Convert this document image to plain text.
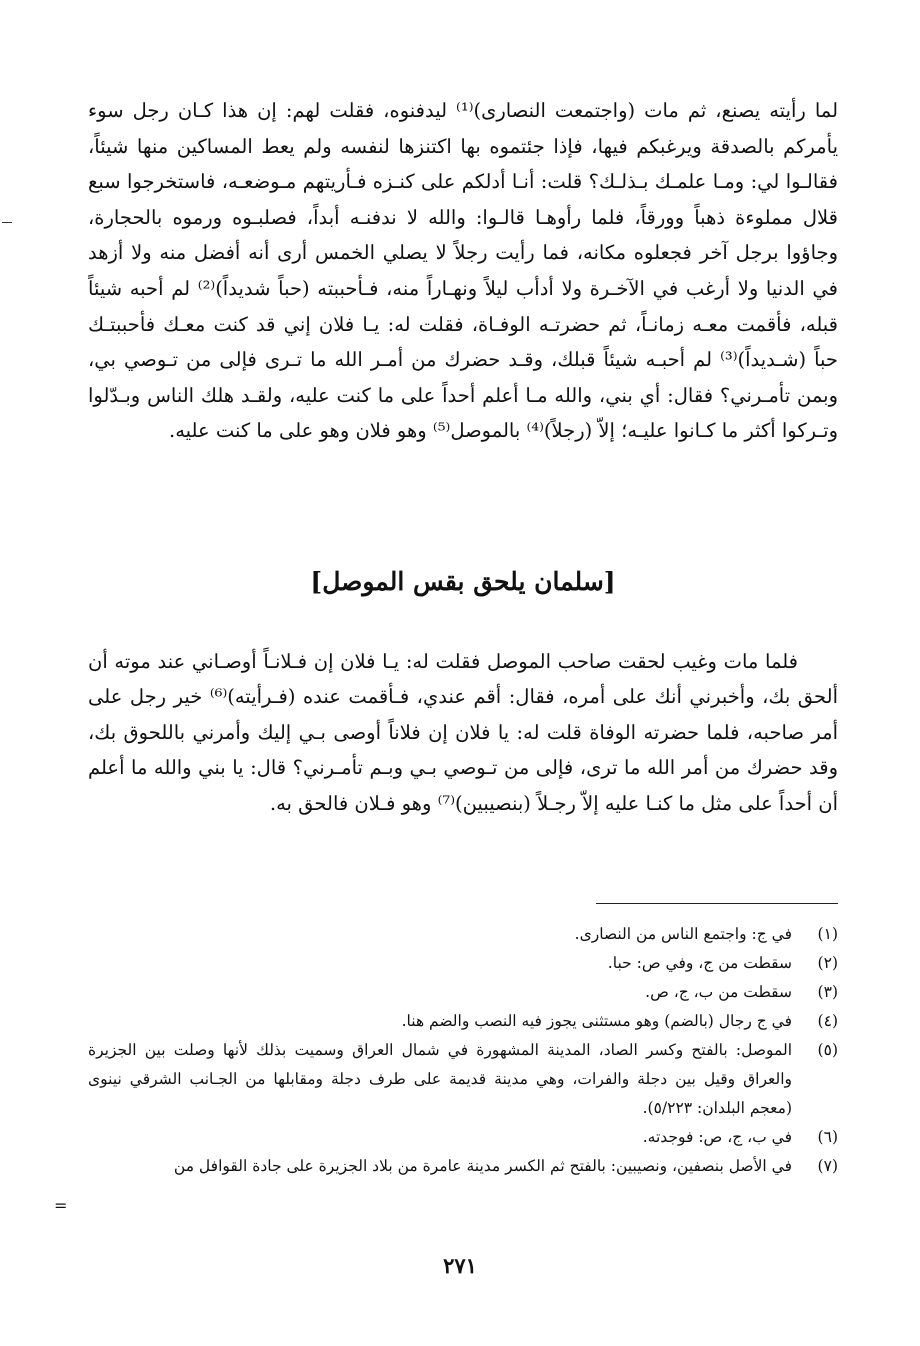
لما رأيته يصنع، ثم مات (واجتمعت النصارى)⁽¹⁾ ليدفنوه، فقلت لهم: إن هذا كـان رجل سوء يأمركم بالصدقة ويرغبكم فيها، فإذا جئتموه بها اكتنزها لنفسه ولم يعط المساكين منها شيئاً، فقالـوا لي: ومـا علمـك بـذلـك؟ قلت: أنـا أدلكم على كنـزه فـأريتهم مـوضعـه، فاستخرجوا سبع قلال مملوءة ذهباً وورقاً، فلما رأوهـا قالـوا: والله لا ندفنـه أبداً، فصلبـوه ورموه بالحجارة، وجاؤوا برجل آخر فجعلوه مكانه، فما رأيت رجلاً لا يصلي الخمس أرى أنه أفضل منه ولا أزهد في الدنيا ولا أرغب في الآخـرة ولا أدأب ليلاً ونهـاراً منه، فـأحببته (حباً شديداً)⁽²⁾ لم أحبه شيئاً قبله، فأقمت معـه زمانـاً، ثم حضرتـه الوفـاة، فقلت له: يـا فلان إني قد كنت معـك فأحببتـك حباً (شـديداً)⁽³⁾ لم أحبـه شيئاً قبلك، وقـد حضرك من أمـر الله ما تـرى فإلى من تـوصي بي، وبمن تأمـرني؟ فقال: أي بني، والله مـا أعلم أحداً على ما كنت عليه، ولقـد هلك الناس وبـدّلوا وتـركوا أكثر ما كـانوا عليـه؛ إلاّ (رجلاً)⁽⁴⁾ بالموصل⁽⁵⁾ وهو فلان وهو على ما كنت عليه.

[سلمان يلحق بقس الموصل]

فلما مات وغيب لحقت صاحب الموصل فقلت له: يـا فلان إن فـلانـاً أوصـاني عند موته أن ألحق بك، وأخبرني أنك على أمره، فقال: أقم عندي، فـأقمت عنده (فـرأيته)⁽⁶⁾ خير رجل على أمر صاحبه، فلما حضرته الوفاة قلت له: يا فلان إن فلاناً أوصى بـي إليك وأمرني باللحوق بك، وقد حضرك من أمر الله ما ترى، فإلى من تـوصي بـي وبـم تأمـرني؟ قال: يا بني والله ما أعلم أن أحداً على مثل ما كنـا عليه إلاّ رجـلاً (بنصيبين)⁽⁷⁾ وهو فـلان فالحق به.

(١)
في ج: واجتمع الناس من النصارى.
(٢)
سقطت من ج، وفي ص: حبا.
(٣)
سقطت من ب، ج، ص.
(٤)
في ج رجال (بالضم) وهو مستثنى يجوز فيه النصب والضم هنا.
(٥)
الموصل: بالفتح وكسر الصاد، المدينة المشهورة في شمال العراق وسميت بذلك لأنها وصلت بين الجزيرة والعراق وقيل بين دجلة والفرات، وهي مدينة قديمة على طرف دجلة ومقابلها من الجـانب الشرقي نينوى (معجم البلدان: ٥/٢٢٣).
(٦)
في ب، ج، ص: فوجدته.
(٧)
في الأصل بنصفين، ونصيبين: بالفتح ثم الكسر مدينة عامرة من بلاد الجزيرة على جادة القوافل من
=
٢٧١
